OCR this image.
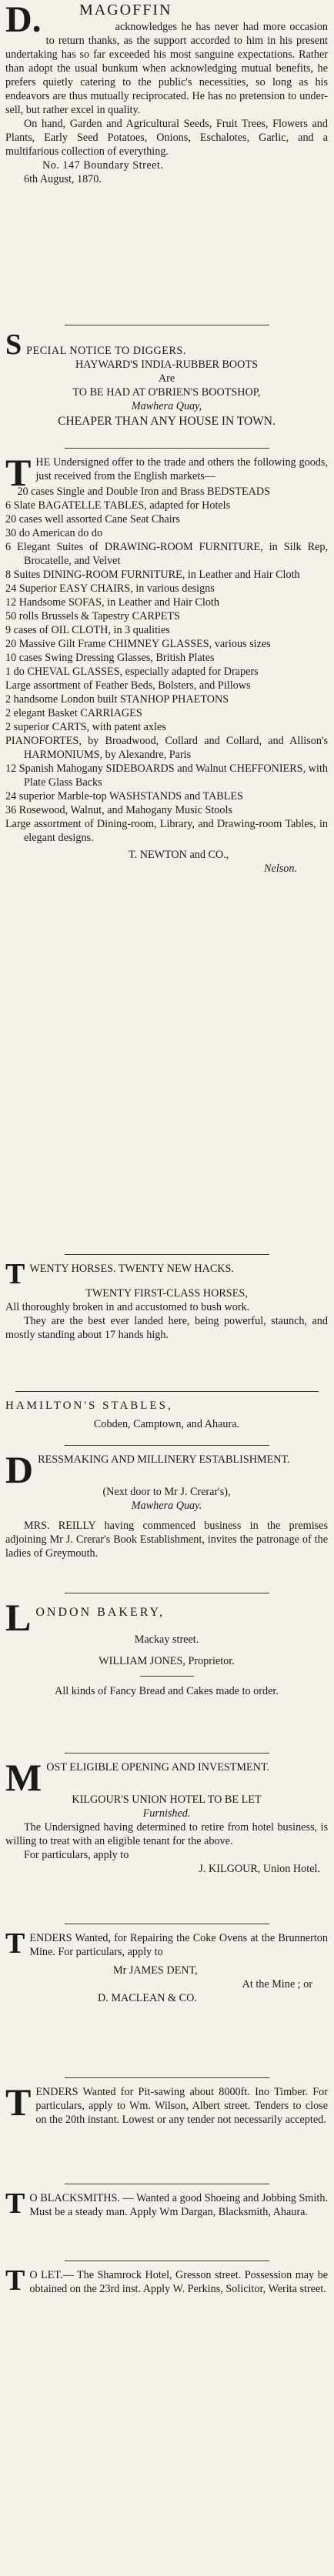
D. MAGOFFIN

acknowledges he has never had more occasion to return thanks, as the support accorded to him in his present undertaking has so far exceeded his most sanguine expectations. Rather than adopt the usual bunkum when acknowledging mutual benefits, he prefers quietly catering to the public's necessities, so long as his endeavors are thus mutually reciprocated. He has no pretension to under-sell, but rather excel in quality.

On hand, Garden and Agricultural Seeds, Fruit Trees, Flowers and Plants, Early Seed Potatoes, Onions, Eschalotes, Garlic, and a multifarious collection of everything.

No. 147 Boundary Street.

6th August, 1870.

SPECIAL NOTICE TO DIGGERS.

HAYWARD'S INDIA-RUBBER BOOTS

Are

TO BE HAD AT O'BRIEN'S BOOTSHOP,

Mawhera Quay,

CHEAPER THAN ANY HOUSE IN TOWN.

THE Undersigned offer to the trade and others the following goods, just received from the English markets—

20 cases Single and Double Iron and Brass BEDSTEADS
6 Slate BAGATELLE TABLES, adapted for Hotels
20 cases well assorted Cane Seat Chairs
30 do American do do
6 Elegant Suites of DRAWING-ROOM FURNITURE, in Silk Rep, Brocatelle, and Velvet
8 Suites DINING-ROOM FURNITURE, in Leather and Hair Cloth
24 Superior EASY CHAIRS, in various designs
12 Handsome SOFAS, in Leather and Hair Cloth
50 rolls Brussels & Tapestry CARPETS
9 cases of OIL CLOTH, in 3 qualities
20 Massive Gilt Frame CHIMNEY GLASSES, various sizes
10 cases Swing Dressing Glasses, British Plates
1 do CHEVAL GLASSES, especially adapted for Drapers
Large assortment of Feather Beds, Bolsters, and Pillows
2 handsome London built STANHOP PHAETONS
2 elegant Basket CARRIAGES
2 superior CARTS, with patent axles
PIANOFORTES, by Broadwood, Collard and Collard, and Allison's HARMONIUMS, by Alexandre, Paris
12 Spanish Mahogany SIDEBOARDS and Walnut CHEFFONIERS, with Plate Glass Backs
24 superior Marble-top WASHSTANDS and TABLES
36 Rosewood, Walnut, and Mahogany Music Stools
Large assortment of Dining-room, Library, and Drawing-room Tables, in elegant designs.

T. NEWTON and CO.,

Nelson.

TWENTY HORSES. TWENTY NEW HACKS.

TWENTY FIRST-CLASS HORSES,

All thoroughly broken in and accustomed to bush work.

They are the best ever landed here, being powerful, staunch, and mostly standing about 17 hands high.

HAMILTON'S STABLES,

Cobden, Camptown, and Ahaura.

DRESSMAKING AND MILLINERY ESTABLISHMENT.

(Next door to Mr J. Crerar's),

Mawhera Quay.

MRS. REILLY having commenced business in the premises adjoining Mr J. Crerar's Book Establishment, invites the patronage of the ladies of Greymouth.

LONDON BAKERY,

Mackay street.

WILLIAM JONES, Proprietor.

All kinds of Fancy Bread and Cakes made to order.

MOST ELIGIBLE OPENING AND INVESTMENT.

KILGOUR'S UNION HOTEL TO BE LET

Furnished.

The Undersigned having determined to retire from hotel business, is willing to treat with an eligible tenant for the above.

For particulars, apply to

J. KILGOUR, Union Hotel.

TENDERS Wanted, for Repairing the Coke Ovens at the Brunnerton Mine. For particulars, apply to

Mr JAMES DENT,

At the Mine ; or

D. MACLEAN & CO.

TENDERS Wanted for Pit-sawing about 8000ft. Ino Timber. For particulars, apply to Wm. Wilson, Albert street. Tenders to close on the 20th instant. Lowest or any tender not necessarily accepted.

T O BLACKSMITHS. — Wanted a good Shoeing and Jobbing Smith. Must be a steady man. Apply Wm Dargan, Blacksmith, Ahaura.

T O LET.— The Shamrock Hotel, Gresson street. Possession may be obtained on the 23rd inst. Apply W. Perkins, Solicitor, Werita street.
